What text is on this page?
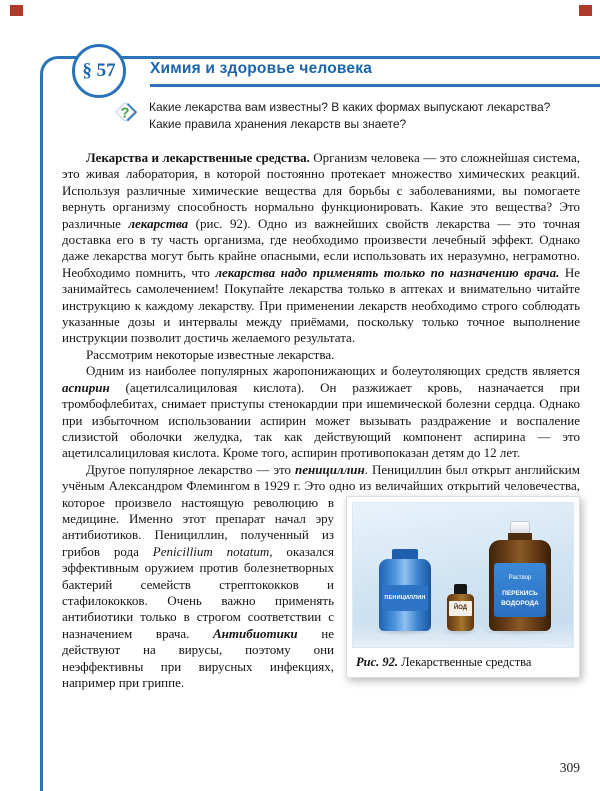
§ 57 Химия и здоровье человека
? Какие лекарства вам известны? В каких формах выпускают лекарства? Какие правила хранения лекарств вы знаете?
Лекарства и лекарственные средства. Организм человека — это сложнейшая система, это живая лаборатория, в которой постоянно протекает множество химических реакций. Используя различные химические вещества для борьбы с заболеваниями, вы помогаете вернуть организму способность нормально функционировать. Какие это вещества? Это различные лекарства (рис. 92). Одно из важнейших свойств лекарства — это точная доставка его в ту часть организма, где необходимо произвести лечебный эффект. Однако даже лекарства могут быть крайне опасными, если использовать их неразумно, неграмотно. Необходимо помнить, что лекарства надо применять только по назначению врача. Не занимайтесь самолечением! Покупайте лекарства только в аптеках и внимательно читайте инструкцию к каждому лекарству. При применении лекарств необходимо строго соблюдать указанные дозы и интервалы между приёмами, поскольку только точное выполнение инструкции позволит достичь желаемого результата.
Рассмотрим некоторые известные лекарства.
Одним из наиболее популярных жаропонижающих и болеутоляющих средств является аспирин (ацетилсалициловая кислота). Он разжижает кровь, назначается при тромбофлебитах, снимает приступы стенокардии при ишемической болезни сердца. Однако при избыточном использовании аспирин может вызывать раздражение и воспаление слизистой оболочки желудка, так как действующий компонент аспирина — это ацетилсалициловая кислота. Кроме того, аспирин противопоказан детям до 12 лет.
ПЕНИЦИЛЛИН
ЙОД
Раствор
ПЕРЕКИСЬ
ВОДОРОДА
Рис. 92. Лекарственные средства
Другое популярное лекарство — это пенициллин. Пенициллин был открыт английским учёным Александром Флемингом в 1929 г. Это одно из величайших открытий человечества, которое произвело настоящую революцию в медицине. Именно этот препарат начал эру антибиотиков. Пенициллин, полученный из грибов рода Penicillium notatum, оказался эффективным оружием против болезнетворных бактерий семейств стрептококков и стафилококков. Очень важно применять антибиотики только в строгом соответствии с назначением врача. Антибиотики не действуют на вирусы, поэтому они неэффективны при вирусных инфекциях, например при гриппе.
309
